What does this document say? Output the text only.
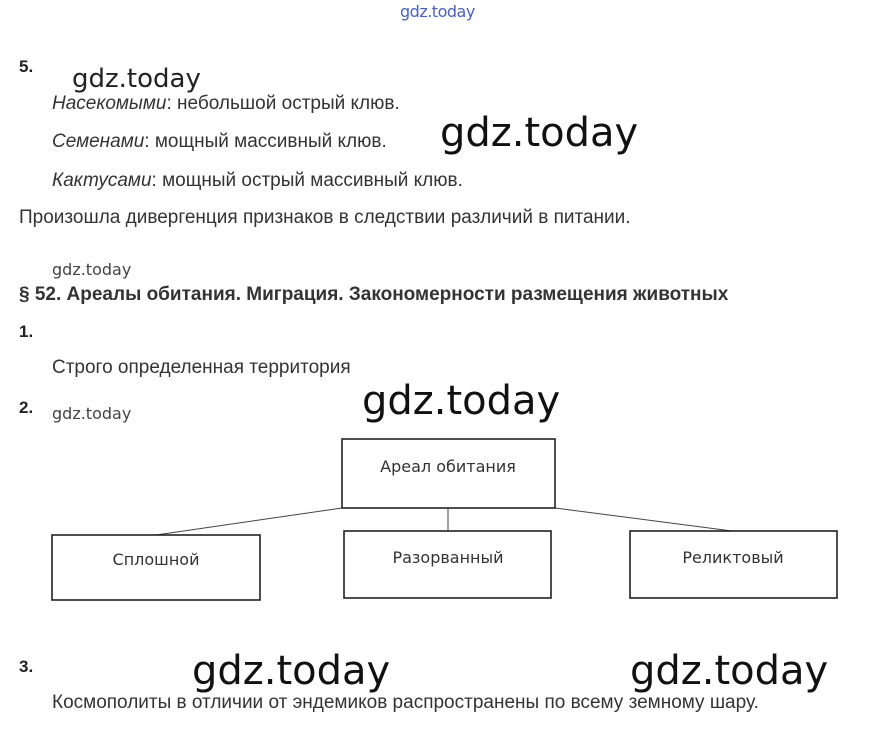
gdz.today
gdz.today
gdz.today
gdz.today
gdz.today	gdz.today
gdz.today	gdz.today
5.
Насекомыми: небольшой острый клюв.
Семенами: мощный массивный клюв.
Кактусами: мощный острый массивный клюв.
Произошла дивергенция признаков в следствии различий в питании.
§ 52. Ареалы обитания. Миграция. Закономерности размещения животных
1.
Строго определенная территория
2.
Ареал обитания
Сплошной	Разорванный	Реликтовый
3.
Космополиты в отличии от эндемиков распространены по всему земному шару.
